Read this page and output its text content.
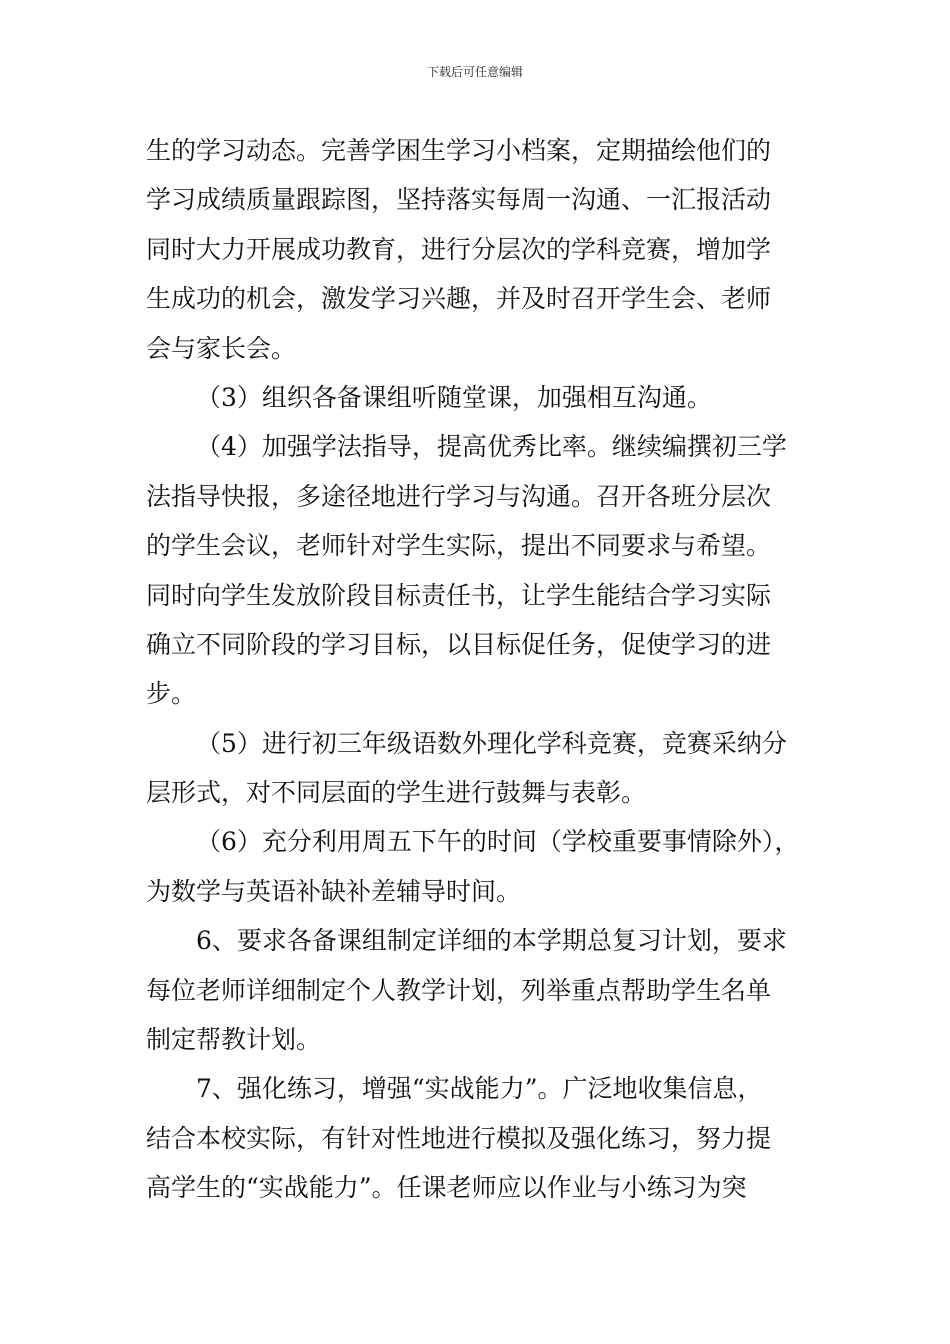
下载后可任意编辑
生的学习动态。完善学困生学习小档案，定期描绘他们的
学习成绩质量跟踪图，坚持落实每周一沟通、一汇报活动
同时大力开展成功教育，进行分层次的学科竞赛，增加学
生成功的机会，激发学习兴趣，并及时召开学生会、老师
会与家长会。
（3）组织各备课组听随堂课，加强相互沟通。
（4）加强学法指导，提高优秀比率。继续编撰初三学
法指导快报，多途径地进行学习与沟通。召开各班分层次
的学生会议，老师针对学生实际，提出不同要求与希望。
同时向学生发放阶段目标责任书，让学生能结合学习实际
确立不同阶段的学习目标，以目标促任务，促使学习的进
步。
（5）进行初三年级语数外理化学科竞赛，竞赛采纳分
层形式，对不同层面的学生进行鼓舞与表彰。
（6）充分利用周五下午的时间（学校重要事情除外），
为数学与英语补缺补差辅导时间。
6、要求各备课组制定详细的本学期总复习计划，要求
每位老师详细制定个人教学计划，列举重点帮助学生名单
制定帮教计划。
7、强化练习，增强“实战能力”。广泛地收集信息，
结合本校实际，有针对性地进行模拟及强化练习，努力提
高学生的“实战能力”。任课老师应以作业与小练习为突
